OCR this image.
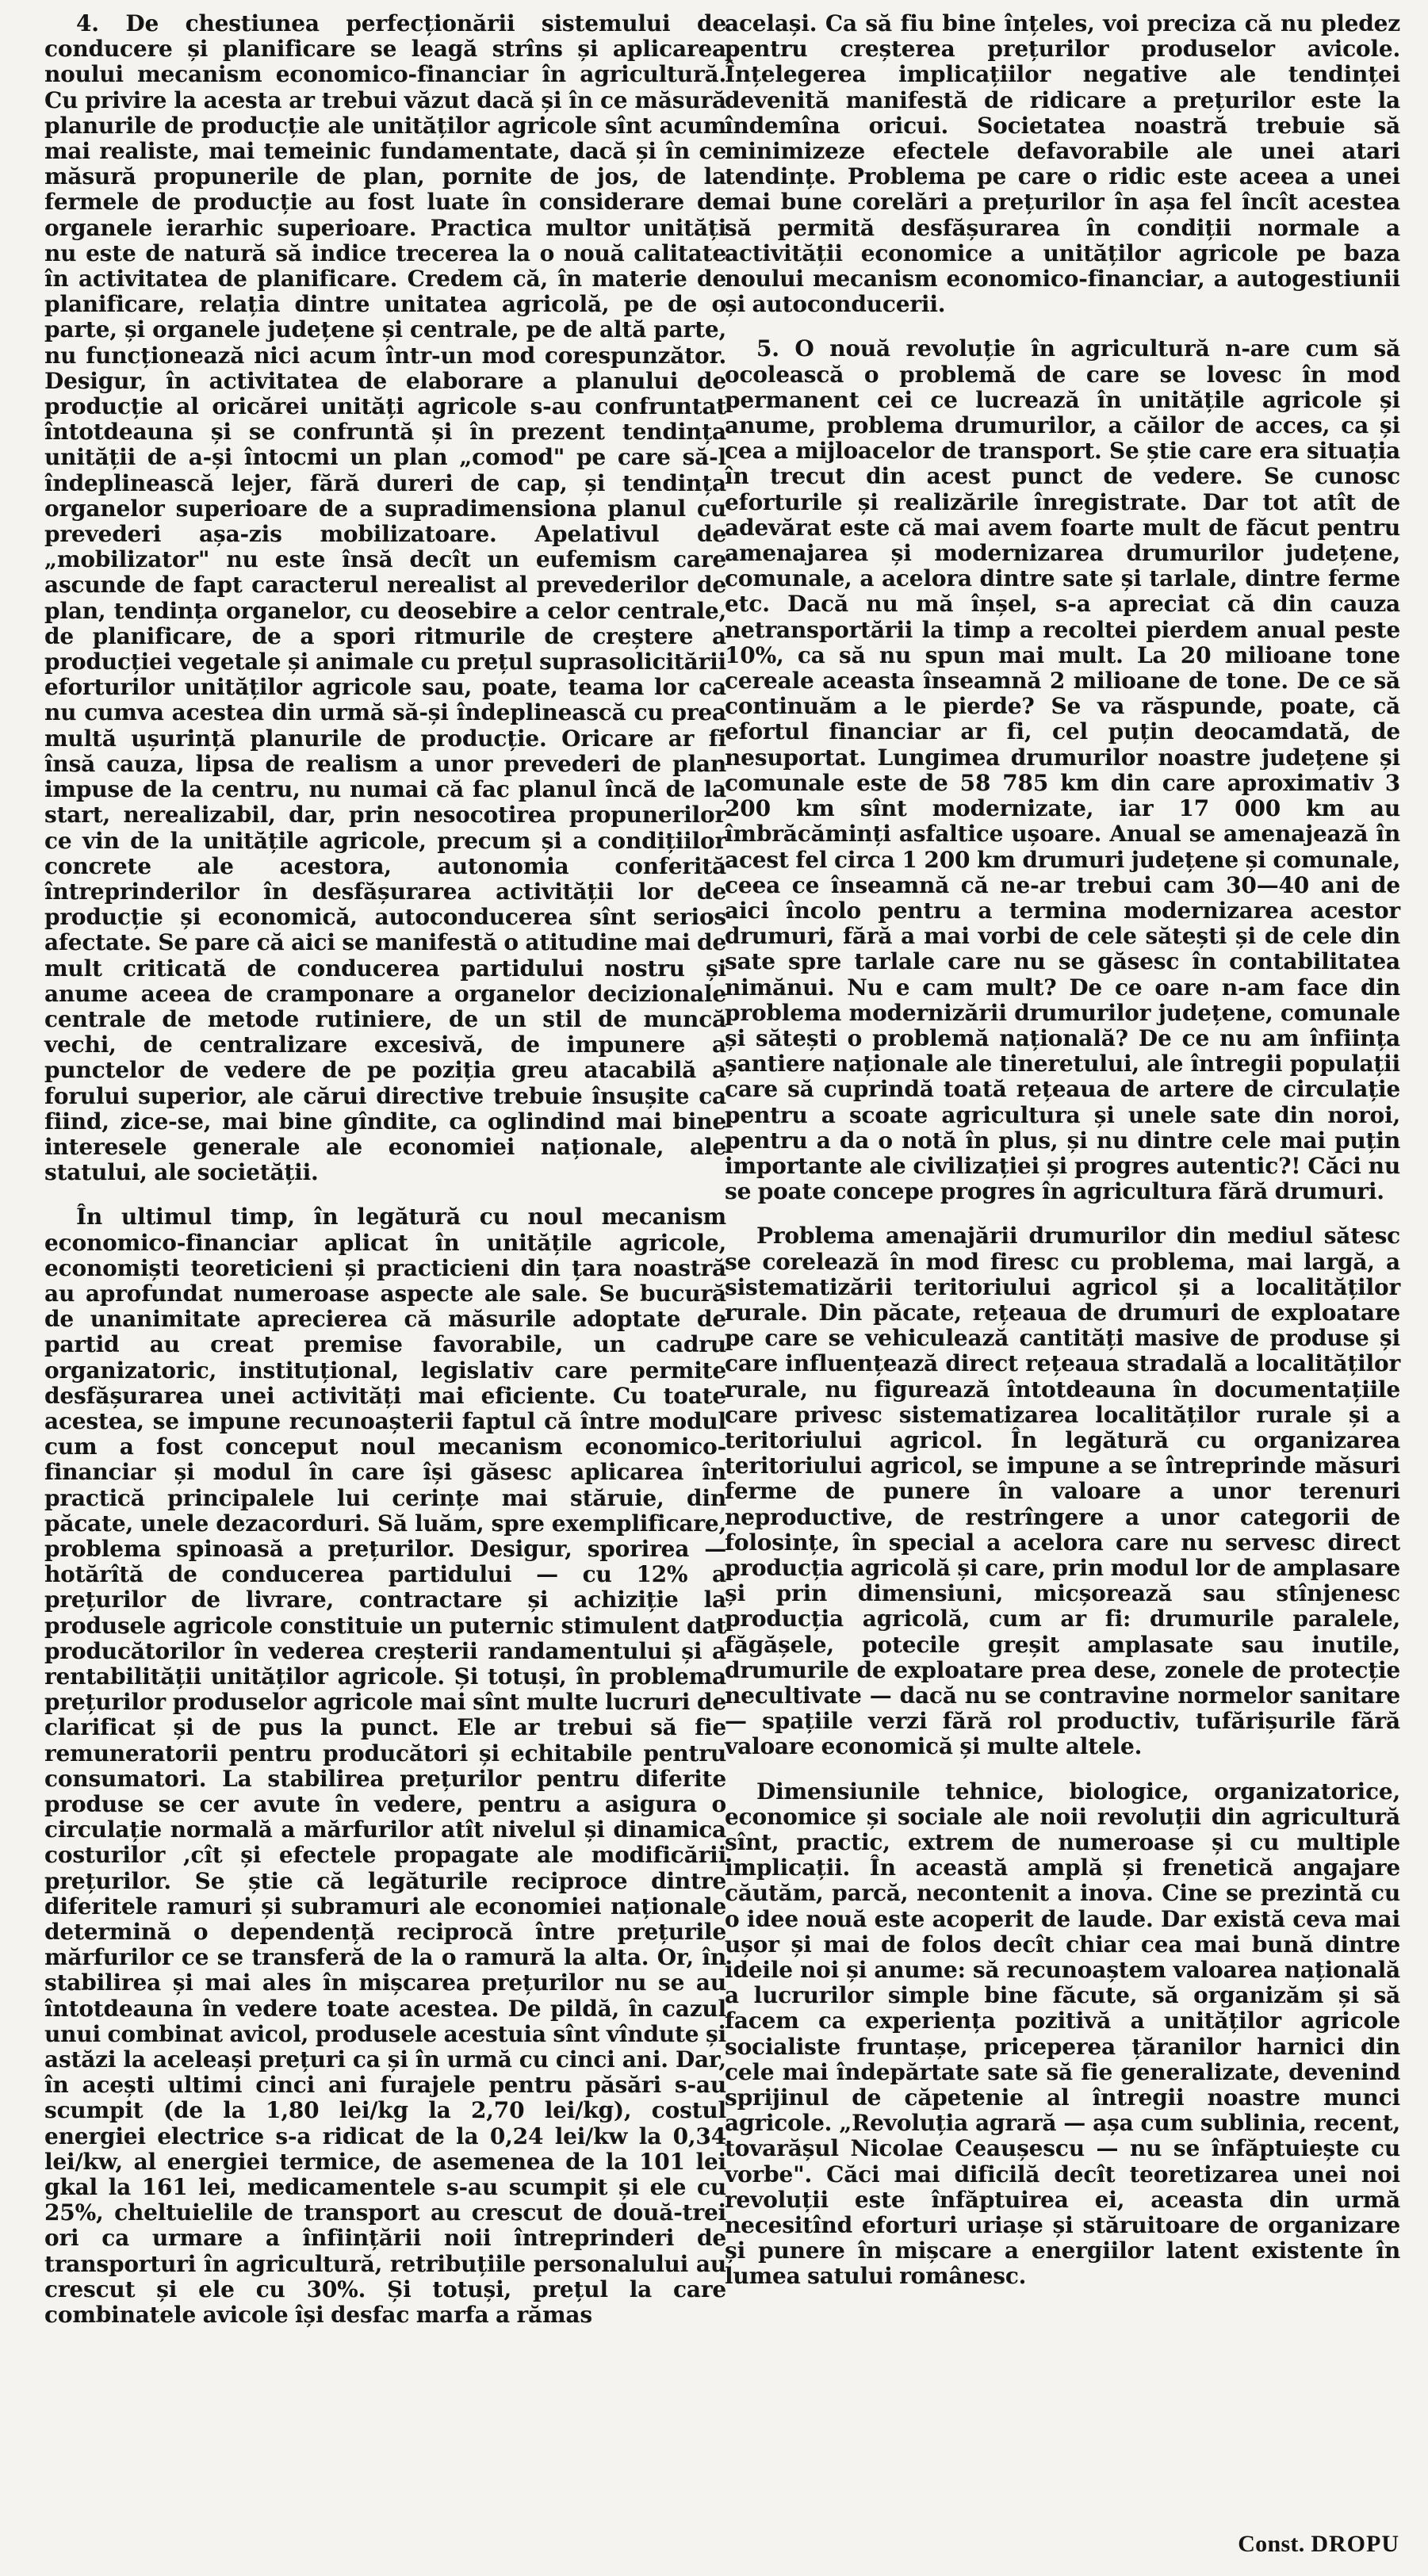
4. De chestiunea perfecționării sistemului de conducere și planificare se leagă strîns și aplicarea noului mecanism economico-financiar în agricultură. Cu privire la acesta ar trebui văzut dacă și în ce măsură planurile de producție ale unităților agricole sînt acum mai realiste, mai temeinic fundamentate, dacă și în ce măsură propunerile de plan, pornite de jos, de la fermele de producție au fost luate în considerare de organele ierarhic superioare. Practica multor unități nu este de natură să indice trecerea la o nouă calitate în activitatea de planificare. Credem că, în materie de planificare, relația dintre unitatea agricolă, pe de o parte, și organele județene și centrale, pe de altă parte, nu funcționează nici acum într-un mod corespunzător. Desigur, în activitatea de elaborare a planului de producție al oricărei unități agricole s-au confruntat întotdeauna și se confruntă și în prezent tendința unității de a-și întocmi un plan „comod" pe care să-l îndeplinească lejer, fără dureri de cap, și tendința organelor superioare de a supradimensiona planul cu prevederi așa-zis mobilizatoare. Apelativul de „mobilizator" nu este însă decît un eufemism care ascunde de fapt caracterul nerealist al prevederilor de plan, tendința organelor, cu deosebire a celor centrale, de planificare, de a spori ritmurile de creștere a producției vegetale și animale cu prețul suprasolicitării eforturilor unităților agricole sau, poate, teama lor ca nu cumva acestea din urmă să-și îndeplinească cu prea multă ușurință planurile de producție. Oricare ar fi însă cauza, lipsa de realism a unor prevederi de plan impuse de la centru, nu numai că fac planul încă de la start, nerealizabil, dar, prin nesocotirea propunerilor ce vin de la unitățile agricole, precum și a condițiilor concrete ale acestora, autonomia conferită întreprinderilor în desfășurarea activității lor de producție și economică, autoconducerea sînt serios afectate. Se pare că aici se manifestă o atitudine mai de mult criticată de conducerea partidului nostru și anume aceea de cramponare a organelor decizionale centrale de metode rutiniere, de un stil de muncă vechi, de centralizare excesivă, de impunere a punctelor de vedere de pe poziția greu atacabilă a forului superior, ale cărui directive trebuie însușite ca fiind, zice-se, mai bine gîndite, ca oglindind mai bine interesele generale ale economiei naționale, ale statului, ale societății.

În ultimul timp, în legătură cu noul mecanism economico-financiar aplicat în unitățile agricole, economiști teoreticieni și practicieni din țara noastră au aprofundat numeroase aspecte ale sale. Se bucură de unanimitate aprecierea că măsurile adoptate de partid au creat premise favorabile, un cadru organizatoric, instituțional, legislativ care permite desfășurarea unei activități mai eficiente. Cu toate acestea, se impune recunoașterii faptul că între modul cum a fost conceput noul mecanism economico-financiar și modul în care își găsesc aplicarea în practică principalele lui cerințe mai stăruie, din păcate, unele dezacorduri. Să luăm, spre exemplificare, problema spinoasă a prețurilor. Desigur, sporirea — hotărîtă de conducerea partidului — cu 12% a prețurilor de livrare, contractare și achiziție la produsele agricole constituie un puternic stimulent dat producătorilor în vederea creșterii randamentului și a rentabilității unităților agricole. Și totuși, în problema prețurilor produselor agricole mai sînt multe lucruri de clarificat și de pus la punct. Ele ar trebui să fie remuneratorii pentru producători și echitabile pentru consumatori. La stabilirea prețurilor pentru diferite produse se cer avute în vedere, pentru a asigura o circulație normală a mărfurilor atît nivelul și dinamica costurilor ,cît și efectele propagate ale modificării prețurilor. Se știe că legăturile reciproce dintre diferitele ramuri și subramuri ale economiei naționale determină o dependență reciprocă între prețurile mărfurilor ce se transferă de la o ramură la alta. Or, în stabilirea și mai ales în mișcarea prețurilor nu se au întotdeauna în vedere toate acestea. De pildă, în cazul unui combinat avicol, produsele acestuia sînt vîndute și astăzi la aceleași prețuri ca și în urmă cu cinci ani. Dar, în acești ultimi cinci ani furajele pentru păsări s-au scumpit (de la 1,80 lei/kg la 2,70 lei/kg), costul energiei electrice s-a ridicat de la 0,24 lei/kw la 0,34 lei/kw, al energiei termice, de asemenea de la 101 lei gkal la 161 lei, medicamentele s-au scumpit și ele cu 25%, cheltuielile de transport au crescut de două-trei ori ca urmare a înființării noii întreprinderi de transporturi în agricultură, retribuțiile personalului au crescut și ele cu 30%. Și totuși, prețul la care combinatele avicole își desfac marfa a rămas

același. Ca să fiu bine înțeles, voi preciza că nu pledez pentru creșterea prețurilor produselor avicole. Înțelegerea implicațiilor negative ale tendinței devenită manifestă de ridicare a prețurilor este la îndemîna oricui. Societatea noastră trebuie să minimizeze efectele defavorabile ale unei atari tendințe. Problema pe care o ridic este aceea a unei mai bune corelări a prețurilor în așa fel încît acestea să permită desfășurarea în condiții normale a activității economice a unităților agricole pe baza noului mecanism economico-financiar, a autogestiunii și autoconducerii.

5. O nouă revoluție în agricultură n-are cum să ocolească o problemă de care se lovesc în mod permanent cei ce lucrează în unitățile agricole și anume, problema drumurilor, a căilor de acces, ca și cea a mijloacelor de transport. Se știe care era situația în trecut din acest punct de vedere. Se cunosc eforturile și realizările înregistrate. Dar tot atît de adevărat este că mai avem foarte mult de făcut pentru amenajarea și modernizarea drumurilor județene, comunale, a acelora dintre sate și tarlale, dintre ferme etc. Dacă nu mă înșel, s-a apreciat că din cauza netransportării la timp a recoltei pierdem anual peste 10%, ca să nu spun mai mult. La 20 milioane tone cereale aceasta înseamnă 2 milioane de tone. De ce să continuăm a le pierde? Se va răspunde, poate, că efortul financiar ar fi, cel puțin deocamdată, de nesuportat. Lungimea drumurilor noastre județene și comunale este de 58 785 km din care aproximativ 3 200 km sînt modernizate, iar 17 000 km au îmbrăcăminți asfaltice ușoare. Anual se amenajează în acest fel circa 1 200 km drumuri județene și comunale, ceea ce înseamnă că ne-ar trebui cam 30—40 ani de aici încolo pentru a termina modernizarea acestor drumuri, fără a mai vorbi de cele sătești și de cele din sate spre tarlale care nu se găsesc în contabilitatea nimănui. Nu e cam mult? De ce oare n-am face din problema modernizării drumurilor județene, comunale și sătești o problemă națională? De ce nu am înființa șantiere naționale ale tineretului, ale întregii populații care să cuprindă toată rețeaua de artere de circulație pentru a scoate agricultura și unele sate din noroi, pentru a da o notă în plus, și nu dintre cele mai puțin importante ale civilizației și progres autentic?! Căci nu se poate concepe progres în agricultura fără drumuri.

Problema amenajării drumurilor din mediul sătesc se corelează în mod firesc cu problema, mai largă, a sistematizării teritoriului agricol și a localităților rurale. Din păcate, rețeaua de drumuri de exploatare pe care se vehiculează cantități masive de produse și care influențează direct rețeaua stradală a localităților rurale, nu figurează întotdeauna în documentațiile care privesc sistematizarea localităților rurale și a teritoriului agricol. În legătură cu organizarea teritoriului agricol, se impune a se întreprinde măsuri ferme de punere în valoare a unor terenuri neproductive, de restrîngere a unor categorii de folosințe, în special a acelora care nu servesc direct producția agricolă și care, prin modul lor de amplasare și prin dimensiuni, micșorează sau stînjenesc producția agricolă, cum ar fi: drumurile paralele, făgășele, potecile greșit amplasate sau inutile, drumurile de exploatare prea dese, zonele de protecție necultivate — dacă nu se contravine normelor sanitare — spațiile verzi fără rol productiv, tufărișurile fără valoare economică și multe altele.

Dimensiunile tehnice, biologice, organizatorice, economice și sociale ale noii revoluții din agricultură sînt, practic, extrem de numeroase și cu multiple implicații. În această amplă și frenetică angajare căutăm, parcă, necontenit a inova. Cine se prezintă cu o idee nouă este acoperit de laude. Dar există ceva mai ușor și mai de folos decît chiar cea mai bună dintre ideile noi și anume: să recunoaștem valoarea națională a lucrurilor simple bine făcute, să organizăm și să facem ca experiența pozitivă a unităților agricole socialiste fruntașe, priceperea țăranilor harnici din cele mai îndepărtate sate să fie generalizate, devenind sprijinul de căpetenie al întregii noastre munci agricole. „Revoluția agrară — așa cum sublinia, recent, tovarășul Nicolae Ceaușescu — nu se înfăptuiește cu vorbe". Căci mai dificilă decît teoretizarea unei noi revoluții este înfăptuirea ei, aceasta din urmă necesitînd eforturi uriașe și stăruitoare de organizare și punere în mișcare a energiilor latent existente în lumea satului românesc.

Const. DROPU
